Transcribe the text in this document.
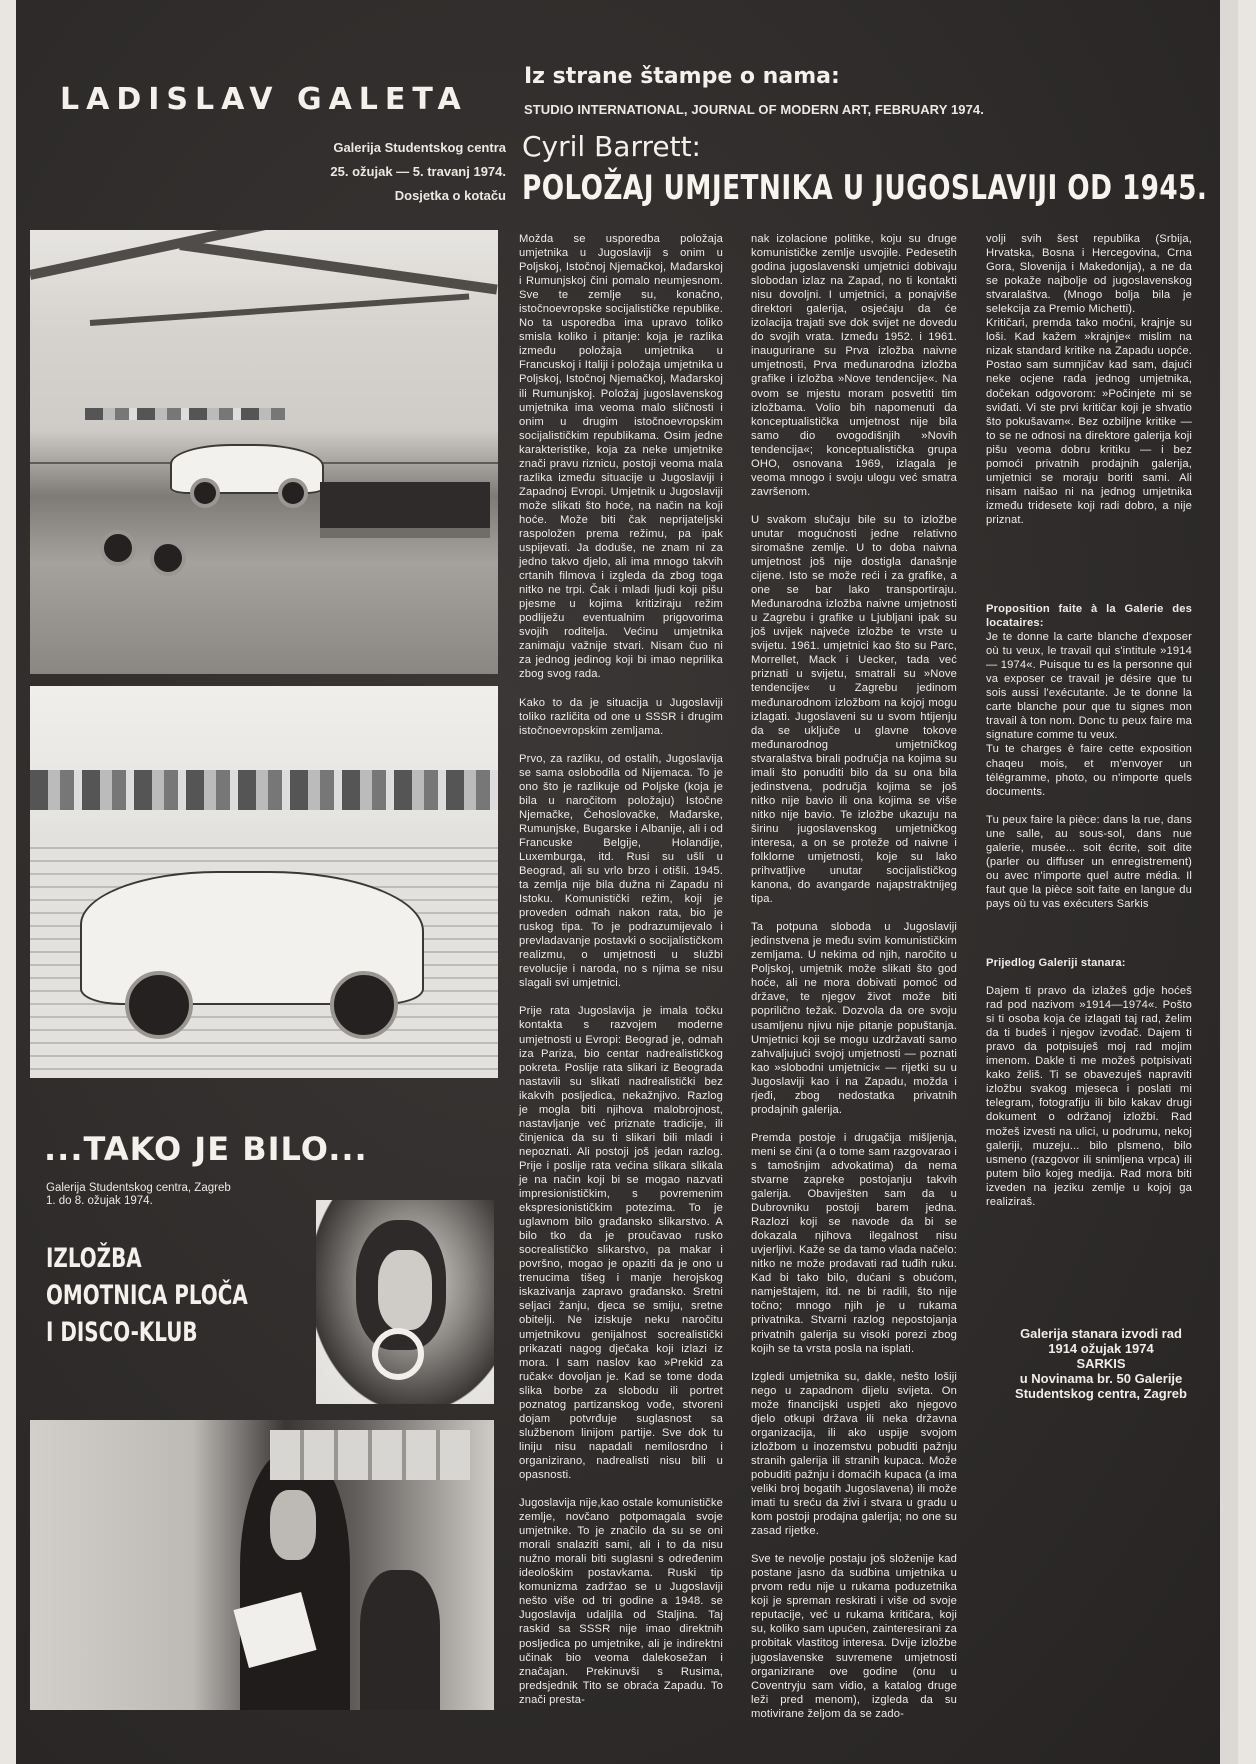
LADISLAV GALETA
Galerija Studentskog centra
25. ožujak — 5. travanj 1974.
Dosjetka o kotaču
Iz strane štampe o nama:
STUDIO INTERNATIONAL, JOURNAL OF MODERN ART, FEBRUARY 1974.
Cyril Barrett:
POLOŽAJ UMJETNIKA U JUGOSLAVIJI OD 1945.

Možda se usporedba položaja umjetnika u Jugoslaviji s onim u Poljskoj, Istočnoj Njemačkoj, Mađarskoj i Rumunjskoj čini pomalo neumjesnom. Sve te zemlje su, konačno, istočnoevropske socijalističke republike. No ta usporedba ima upravo toliko smisla koliko i pitanje: koja je razlika između položaja umjetnika u Francuskoj i Italiji i položaja umjetnika u Poljskoj, Istočnoj Njemačkoj, Mađarskoj ili Rumunjskoj. Položaj jugoslavenskog umjetnika ima veoma malo sličnosti i onim u drugim istočnoevropskim socijalističkim republikama. Osim jedne karakteristike, koja za neke umjetnike znači pravu riznicu, postoji veoma mala razlika između situacije u Jugoslaviji i Zapadnoj Evropi. Umjetnik u Jugoslaviji može slikati što hoće, na način na koji hoće. Može biti čak neprijateljski raspoložen prema režimu, pa ipak uspijevati. Ja doduše, ne znam ni za jedno takvo djelo, ali ima mnogo takvih crtanih filmova i izgleda da zbog toga nitko ne trpi. Čak i mladi ljudi koji pišu pjesme u kojima kritiziraju režim podliježu eventualnim prigovorima svojih roditelja. Većinu umjetnika zanimaju važnije stvari. Nisam čuo ni za jednog jedinog koji bi imao neprilika zbog svog rada.

Kako to da je situacija u Jugoslaviji toliko različita od one u SSSR i drugim istočnoevropskim zemljama.

Prvo, za razliku, od ostalih, Jugoslavija se sama oslobodila od Nijemaca. To je ono što je razlikuje od Poljske (koja je bila u naročitom položaju) Istočne Njemačke, Čehoslovačke, Mađarske, Rumunjske, Bugarske i Albanije, ali i od Francuske Belgije, Holandije, Luxemburga, itd. Rusi su ušli u Beograd, ali su vrlo brzo i otišli. 1945. ta zemlja nije bila dužna ni Zapadu ni Istoku. Komunistički režim, koji je proveden odmah nakon rata, bio je ruskog tipa. To je podrazumijevalo i prevladavanje postavki o socijalističkom realizmu, o umjetnosti u službi revolucije i naroda, no s njima se nisu slagali svi umjetnici.

Prije rata Jugoslavija je imala točku kontakta s razvojem moderne umjetnosti u Evropi: Beograd je, odmah iza Pariza, bio centar nadrealističkog pokreta. Poslije rata slikari iz Beograda nastavili su slikati nadrealistički bez ikakvih posljedica, nekažnjivo. Razlog je mogla biti njihova malobrojnost, nastavljanje već priznate tradicije, ili činjenica da su ti slikari bili mladi i nepoznati. Ali postoji još jedan razlog. Prije i poslije rata većina slikara slikala je na način koji bi se mogao nazvati impresionističkim, s povremenim ekspresionističkim potezima. To je uglavnom bilo građansko slikarstvo. A bilo tko da je proučavao rusko socrealističko slikarstvo, pa makar i površno, mogao je opaziti da je ono u trenucima tišeg i manje herojskog iskazivanja zapravo građansko. Sretni seljaci žanju, djeca se smiju, sretne obitelji. Ne iziskuje neku naročitu umjetnikovu genijalnost socrealistički prikazati nagog dječaka koji izlazi iz mora. I sam naslov kao »Prekid za ručak« dovoljan je. Kad se tome doda slika borbe za slobodu ili portret poznatog partizanskog vođe, stvoreni dojam potvrđuje suglasnost sa službenom linijom partije. Sve dok tu liniju nisu napadali nemilosrdno i organizirano, nadrealisti nisu bili u opasnosti.

Jugoslavija nije,kao ostale komunističke zemlje, novčano potpomagala svoje umjetnike. To je značilo da su se oni morali snalaziti sami, ali i to da nisu nužno morali biti suglasni s određenim ideološkim postavkama. Ruski tip komunizma zadržao se u Jugoslaviji nešto više od tri godine a 1948. se Jugoslavija udaljila od Staljina. Taj raskid sa SSSR nije imao direktnih posljedica po umjetnike, ali je indirektni učinak bio veoma dalekosežan i značajan. Prekinuvši s Rusima, predsjednik Tito se obraća Zapadu. To znači presta-

nak izolacione politike, koju su druge komunističke zemlje usvojile. Pedesetih godina jugoslavenski umjetnici dobivaju slobodan izlaz na Zapad, no ti kontakti nisu dovoljni. I umjetnici, a ponajviše direktori galerija, osjećaju da će izolacija trajati sve dok svijet ne dovedu do svojih vrata. Između 1952. i 1961. inaugurirane su Prva izložba naivne umjetnosti, Prva međunarodna izložba grafike i izložba »Nove tendencije«. Na ovom se mjestu moram posvetiti tim izložbama. Volio bih napomenuti da konceptualistička umjetnost nije bila samo dio ovogodišnjih »Novih tendencija«; konceptualistička grupa OHO, osnovana 1969, izlagala je veoma mnogo i svoju ulogu već smatra završenom.

U svakom slučaju bile su to izložbe unutar mogućnosti jedne relativno siromašne zemlje. U to doba naivna umjetnost još nije dostigla današnje cijene. Isto se može reći i za grafike, a one se bar lako transportiraju. Međunarodna izložba naivne umjetnosti u Zagrebu i grafike u Ljubljani ipak su još uvijek najveće izložbe te vrste u svijetu. 1961. umjetnici kao što su Parc, Morrellet, Mack i Uecker, tada već priznati u svijetu, smatrali su »Nove tendencije« u Zagrebu jedinom međunarodnom izložbom na kojoj mogu izlagati. Jugoslaveni su u svom htijenju da se uključe u glavne tokove međunarodnog umjetničkog stvaralaštva birali područja na kojima su imali što ponuditi bilo da su ona bila jedinstvena, područja kojima se još nitko nije bavio ili ona kojima se više nitko nije bavio. Te izložbe ukazuju na širinu jugoslavenskog umjetničkog interesa, a on se proteže od naivne i folklorne umjetnosti, koje su lako prihvatljive unutar socijalističkog kanona, do avangarde najapstraktnijeg tipa.

Ta potpuna sloboda u Jugoslaviji jedinstvena je među svim komunističkim zemljama. U nekima od njih, naročito u Poljskoj, umjetnik može slikati što god hoće, ali ne mora dobivati pomoć od države, te njegov život može biti poprilično težak. Dozvola da ore svoju usamljenu njivu nije pitanje popuštanja. Umjetnici koji se mogu uzdržavati samo zahvaljujući svojoj umjetnosti — poznati kao »slobodni umjetnici« — rijetki su u Jugoslaviji kao i na Zapadu, možda i rjeđi, zbog nedostatka privatnih prodajnih galerija.

Premda postoje i drugačija mišljenja, meni se čini (a o tome sam razgovarao i s tamošnjim advokatima) da nema stvarne zapreke postojanju takvih galerija. Obaviješten sam da u Dubrovniku postoji barem jedna. Razlozi koji se navode da bi se dokazala njihova ilegalnost nisu uvjerljivi. Kaže se da tamo vlada načelo: nitko ne može prodavati rad tuđih ruku. Kad bi tako bilo, dućani s obućom, namještajem, itd. ne bi radili, što nije točno; mnogo njih je u rukama privatnika. Stvarni razlog nepostojanja privatnih galerija su visoki porezi zbog kojih se ta vrsta posla na isplati.

Izgledi umjetnika su, dakle, nešto lošiji nego u zapadnom dijelu svijeta. On može financijski uspjeti ako njegovo djelo otkupi država ili neka državna organizacija, ili ako uspije svojom izložbom u inozemstvu pobuditi pažnju stranih galerija ili stranih kupaca. Može pobuditi pažnju i domaćih kupaca (a ima veliki broj bogatih Jugoslavena) ili može imati tu sreću da živi i stvara u gradu u kom postoji prodajna galerija; no one su zasad rijetke.

Sve te nevolje postaju još složenije kad postane jasno da sudbina umjetnika u prvom redu nije u rukama poduzetnika koji je spreman reskirati i više od svoje reputacije, već u rukama kritičara, koji su, koliko sam upućen, zainteresirani za probitak vlastitog interesa. Dvije izložbe jugoslavenske suvremene umjetnosti organizirane ove godine (onu u Coventryju sam vidio, a katalog druge leži pred menom), izgleda da su motivirane željom da se zado-

volji svih šest republika (Srbija, Hrvatska, Bosna i Hercegovina, Crna Gora, Slovenija i Makedonija), a ne da se pokaže najbolje od jugoslavenskog stvaralaštva. (Mnogo bolja bila je selekcija za Premio Michetti).

Kritičari, premda tako moćni, krajnje su loši. Kad kažem »krajnje« mislim na nizak standard kritike na Zapadu uopće. Postao sam sumnjičav kad sam, dajući neke ocjene rada jednog umjetnika, dočekan odgovorom: »Počinjete mi se sviđati. Vi ste prvi kritičar koji je shvatio što pokušavam«. Bez ozbiljne kritike — to se ne odnosi na direktore galerija koji pišu veoma dobru kritiku — i bez pomoći privatnih prodajnih galerija, umjetnici se moraju boriti sami. Ali nisam naišao ni na jednog umjetnika između tridesete koji radi dobro, a nije priznat.

Proposition faite à la Galerie des locataires:

Je te donne la carte blanche d'exposer où tu veux, le travail qui s'intitule »1914 — 1974«. Puisque tu es la personne qui va exposer ce travail je désire que tu sois aussi l'exécutante. Je te donne la carte blanche pour que tu signes mon travail à ton nom. Donc tu peux faire ma signature comme tu veux.

Tu te charges è faire cette exposition chaqeu mois, et m'envoyer un télégramme, photo, ou n'importe quels documents.

Tu peux faire la pièce: dans la rue, dans une salle, au sous-sol, dans nue galerie, musée... soit écrite, soit dite (parler ou diffuser un enregistrement) ou avec n'importe quel autre média. Il faut que la pièce soit faite en langue du pays où tu vas exécuters Sarkis

Prijedlog Galeriji stanara:

Dajem ti pravo da izlažeš gdje hoćeš rad pod nazivom »1914—1974«. Pošto si ti osoba koja će izlagati taj rad, želim da ti budeš i njegov izvođač. Dajem ti pravo da potpisuješ moj rad mojim imenom. Dakle ti me možeš potpisivati kako želiš. Ti se obavezuješ napraviti izložbu svakog mjeseca i poslati mi telegram, fotografiju ili bilo kakav drugi dokument o održanoj izložbi. Rad možeš izvesti na ulici, u podrumu, nekoj galeriji, muzeju... bilo plsmeno, bilo usmeno (razgovor ili snimljena vrpca) ili putem bilo kojeg medija. Rad mora biti izveden na jeziku zemlje u kojoj ga realiziraš.

Galerija stanara izvodi rad
1914 ožujak 1974
SARKIS
u Novinama br. 50 Galerije
Studentskog centra, Zagreb
...TAKO JE BILO...
Galerija Studentskog centra, Zagreb
1. do 8. ožujak 1974.
IZLOŽBA
OMOTNICA PLOČA
I DISCO-KLUB
